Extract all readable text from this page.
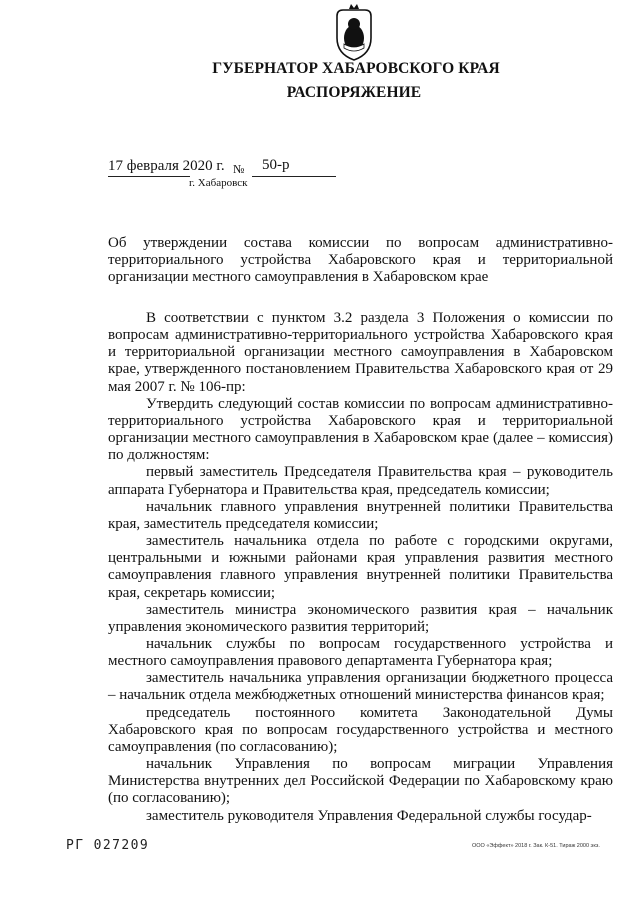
ГУБЕРНАТОР ХАБАРОВСКОГО КРАЯ
РАСПОРЯЖЕНИЕ
17 февраля 2020 г. № 50-р
г. Хабаровск
Об утверждении состава комиссии по вопросам административно-территориального устройства Хабаровского края и территориальной организации местного самоуправления в Хабаровском крае

В соответствии с пунктом 3.2 раздела 3 Положения о комиссии по вопросам административно-территориального устройства Хабаровского края и территориальной организации местного самоуправления в Хабаровском крае, утвержденного постановлением Правительства Хабаровского края от 29 мая 2007 г. № 106-пр:

Утвердить следующий состав комиссии по вопросам административно-территориального устройства Хабаровского края и территориальной организации местного самоуправления в Хабаровском крае (далее – комиссия) по должностям:

первый заместитель Председателя Правительства края – руководитель аппарата Губернатора и Правительства края, председатель комиссии;

начальник главного управления внутренней политики Правительства края, заместитель председателя комиссии;

заместитель начальника отдела по работе с городскими округами, центральными и южными районами края управления развития местного самоуправления главного управления внутренней политики Правительства края, секретарь комиссии;

заместитель министра экономического развития края – начальник управления экономического развития территорий;

начальник службы по вопросам государственного устройства и местного самоуправления правового департамента Губернатора края;

заместитель начальника управления организации бюджетного процесса – начальник отдела межбюджетных отношений министерства финансов края;

председатель постоянного комитета Законодательной Думы Хабаровского края по вопросам государственного устройства и местного самоуправления (по согласованию);

начальник Управления по вопросам миграции Управления Министерства внутренних дел Российской Федерации по Хабаровскому краю (по согласованию);

заместитель руководителя Управления Федеральной службы государ-

РГ 027209	ООО «Эффект» 2018 г. Зак. К-51. Тираж 2000 экз.
